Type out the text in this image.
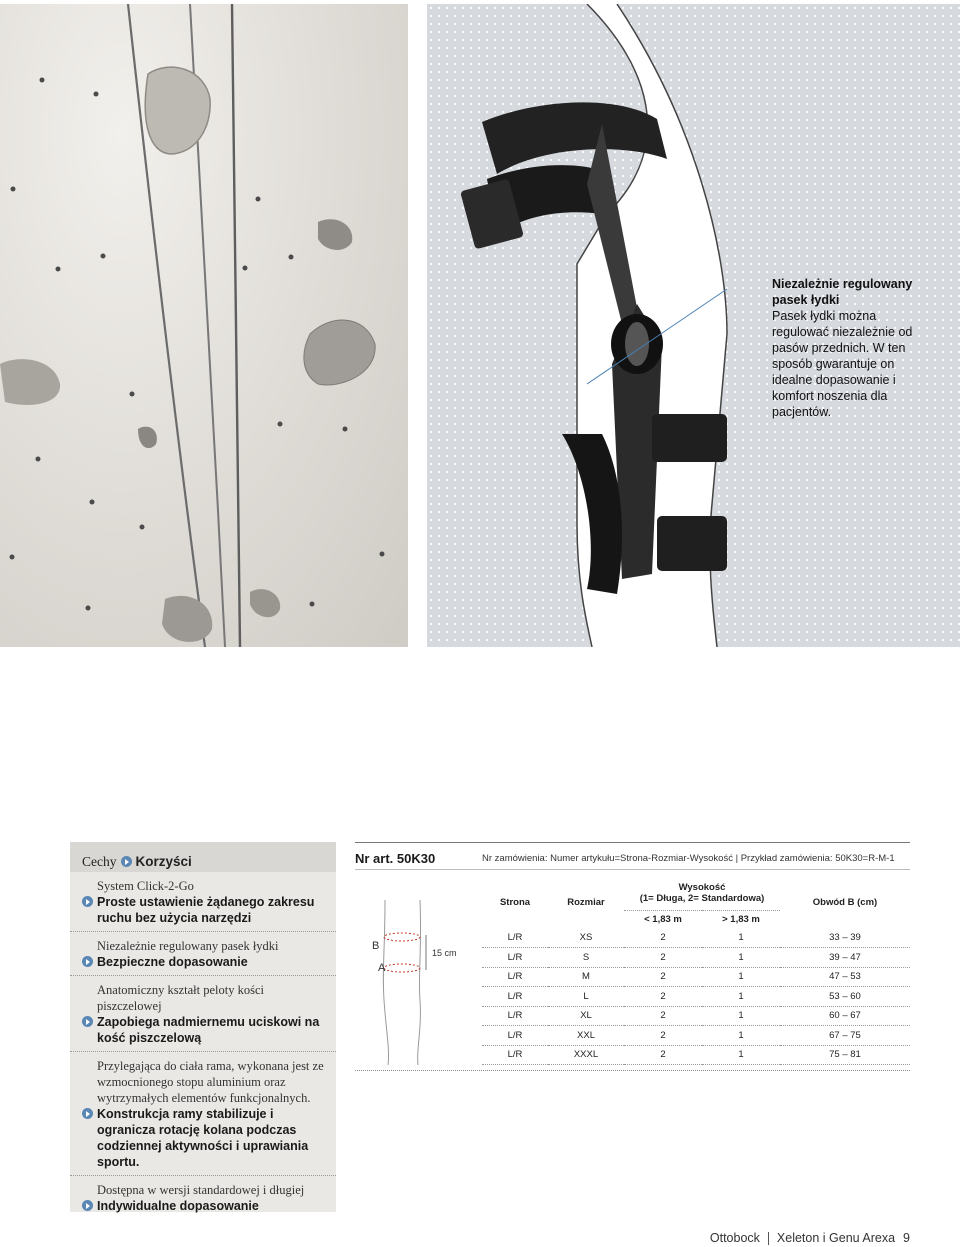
Niezależnie regulowany pasek łydki
Pasek łydki można regulować niezależnie od pasów przednich. W ten sposób gwarantuje on idealne dopasowanie i komfort noszenia dla pacjentów.
Cechy Korzyści
System Click-2-Go
Proste ustawienie żądanego zakresu ruchu bez użycia narzędzi
Niezależnie regulowany pasek łydki
Bezpieczne dopasowanie
Anatomiczny kształt peloty kości piszczelowej
Zapobiega nadmiernemu uciskowi na kość piszczelową
Przylegająca do ciała rama, wykonana jest ze wzmocnionego stopu aluminium oraz wytrzymałych elementów funkcjonalnych.
Konstrukcja ramy stabilizuje i ogranicza rotację kolana podczas codziennej aktywności i uprawiania sportu.
Dostępna w wersji standardowej i długiej
Indywidualne dopasowanie
Nr art. 50K30	Nr zamówienia: Numer artykułu=Strona-Rozmiar-Wysokość | Przykład zamówienia: 50K30=R-M-1
B
A
15 cm
Strona	Rozmiar	Wysokość
(1= Długa, 2= Standardowa)		Obwód B (cm)
		< 1,83 m	> 1,83 m	
L/R	XS	2	1	33 – 39
L/R	S	2	1	39 – 47
L/R	M	2	1	47 – 53
L/R	L	2	1	53 – 60
L/R	XL	2	1	60 – 67
L/R	XXL	2	1	67 – 75
L/R	XXXL	2	1	75 – 81
Ottobock Xeleton i Genu Arexa 9
